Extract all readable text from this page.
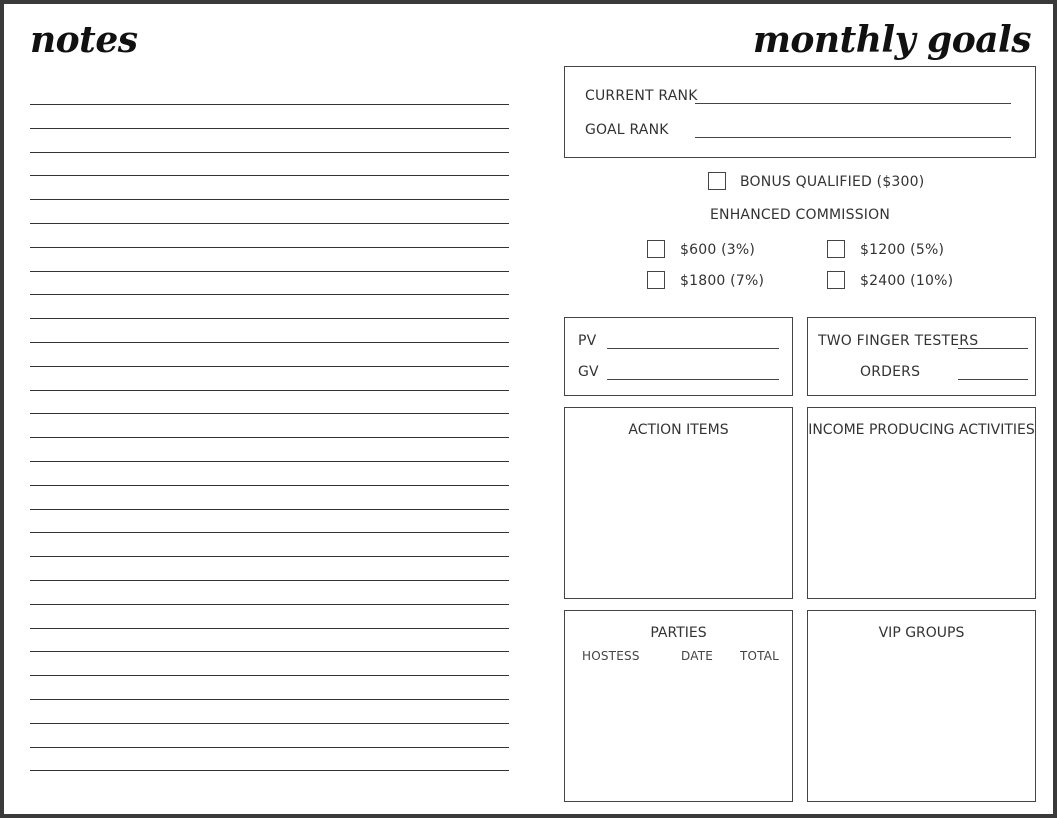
notes	monthly goals
CURRENT RANK
GOAL RANK
BONUS QUALIFIED ($300)
ENHANCED COMMISSION
$600 (3%)	$1200 (5%)
$1800 (7%)	$2400 (10%)
PV
GV
TWO FINGER TESTERS
ORDERS
ACTION ITEMS	INCOME PRODUCING ACTIVITIES
PARTIES
HOSTESS	DATE TOTAL
VIP GROUPS
